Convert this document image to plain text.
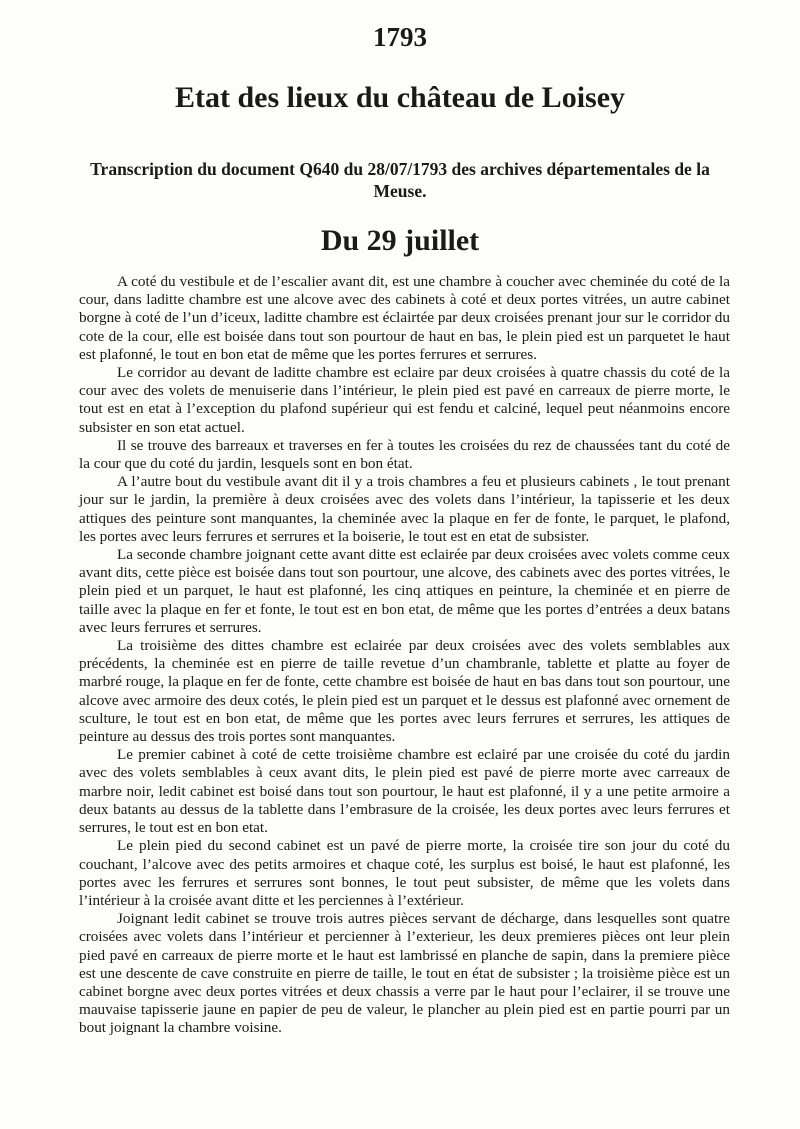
1793
Etat des lieux du château de Loisey
Transcription du document Q640 du 28/07/1793 des archives départementales de la Meuse.
Du 29 juillet

A coté du vestibule et de l’escalier avant dit, est une chambre à coucher avec cheminée du coté de la cour, dans laditte chambre est une alcove avec des cabinets à coté et deux portes vitrées, un autre cabinet borgne à coté de l’un d’iceux, laditte chambre est éclairtée par deux croisées prenant jour sur le corridor du cote de la cour, elle est boisée dans tout son pourtour de haut en bas, le plein pied est un parquetet le haut est plafonné, le tout en bon etat de même que les portes ferrures et serrures.

Le corridor au devant de laditte chambre est eclaire par deux croisées à quatre chassis du coté de la cour avec des volets de menuiserie dans l’intérieur, le plein pied est pavé en carreaux de pierre morte, le tout est en etat à l’exception du plafond supérieur qui est fendu et calciné, lequel peut néanmoins encore subsister en son etat actuel.

Il se trouve des barreaux et traverses en fer à toutes les croisées du rez de chaussées tant du coté de la cour que du coté du jardin, lesquels sont en bon état.

A l’autre bout du vestibule avant dit il y a trois chambres a feu et plusieurs cabinets , le tout prenant jour sur le jardin, la première à deux croisées avec des volets dans l’intérieur, la tapisserie et les deux attiques des peinture sont manquantes, la cheminée avec la plaque en fer de fonte, le parquet, le plafond, les portes avec leurs ferrures et serrures et la boiserie, le tout est en etat de subsister.

La seconde chambre joignant cette avant ditte est eclairée par deux croisées avec volets comme ceux avant dits, cette pièce est boisée dans tout son pourtour, une alcove, des cabinets avec des portes vitrées, le plein pied et un parquet, le haut est plafonné, les cinq attiques en peinture, la cheminée et en pierre de taille avec la plaque en fer et fonte, le tout est en bon etat, de même que les portes d’entrées a deux batans avec leurs ferrures et serrures.

La troisième des dittes chambre est eclairée par deux croisées avec des volets semblables aux précédents, la cheminée est en pierre de taille revetue d’un chambranle, tablette et platte au foyer de marbré rouge, la plaque en fer de fonte, cette chambre est boisée de haut en bas dans tout son pourtour, une alcove avec armoire des deux cotés, le plein pied est un parquet et le dessus est plafonné avec ornement de sculture, le tout est en bon etat, de même que les portes avec leurs ferrures et serrures, les attiques de peinture au dessus des trois portes sont manquantes.

Le premier cabinet à coté de cette troisième chambre est eclairé par une croisée du coté du jardin avec des volets semblables à ceux avant dits, le plein pied est pavé de pierre morte avec carreaux de marbre noir, ledit cabinet est boisé dans tout son pourtour, le haut est plafonné, il y a une petite armoire a deux batants au dessus de la tablette dans l’embrasure de la croisée, les deux portes avec leurs ferrures et serrures, le tout est en bon etat.

Le plein pied du second cabinet est un pavé de pierre morte, la croisée tire son jour du coté du couchant, l’alcove avec des petits armoires et chaque coté, les surplus est boisé, le haut est plafonné, les portes avec les ferrures et serrures sont bonnes, le tout peut subsister, de même que les volets dans l’intérieur à la croisée avant ditte et les perciennes à l’extérieur.

Joignant ledit cabinet se trouve trois autres pièces servant de décharge, dans lesquelles sont quatre croisées avec volets dans l’intérieur et percienner à l’exterieur, les deux premieres pièces ont leur plein pied pavé en carreaux de pierre morte et le haut est lambrissé en planche de sapin, dans la premiere pièce est une descente de cave construite en pierre de taille, le tout en état de subsister ; la troisième pièce est un cabinet borgne avec deux portes vitrées et deux chassis a verre par le haut pour l’eclairer, il se trouve une mauvaise tapisserie jaune en papier de peu de valeur, le plancher au plein pied est en partie pourri par un bout joignant la chambre voisine.
